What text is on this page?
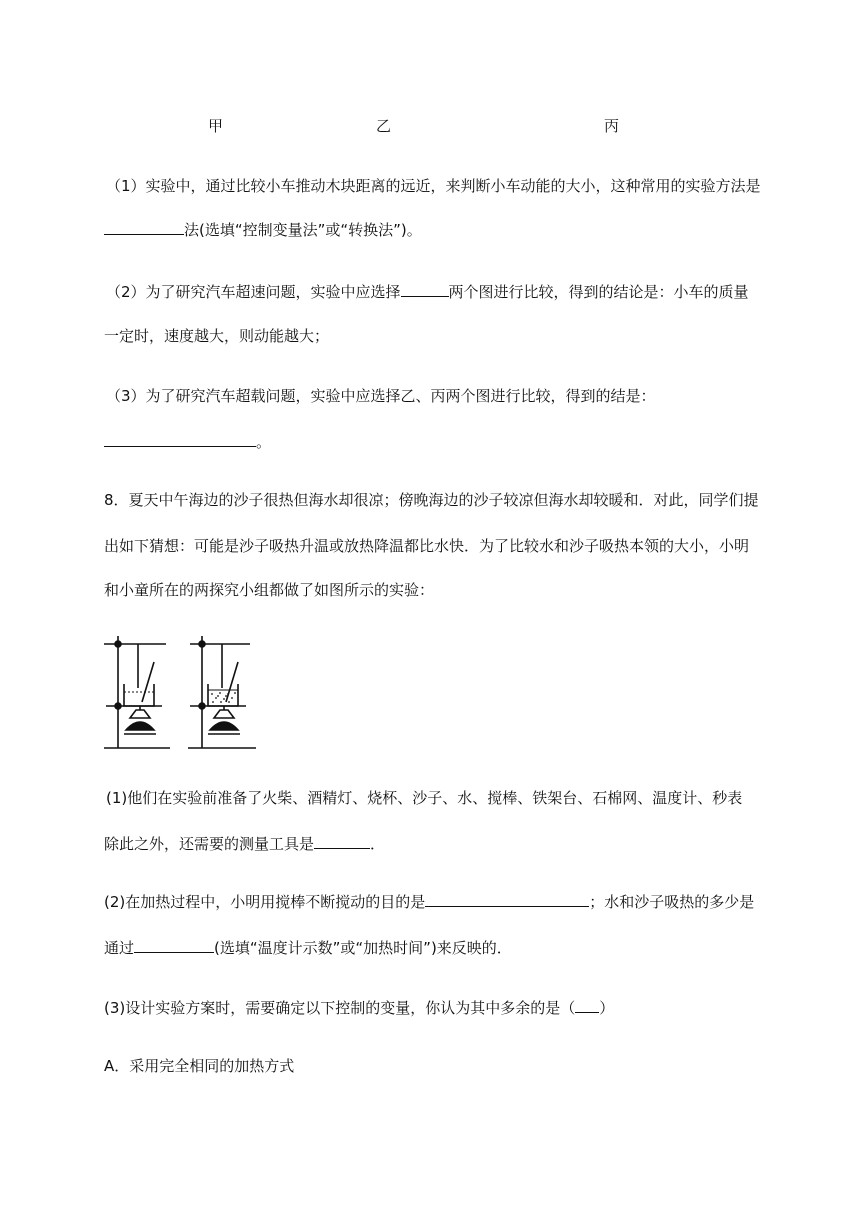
甲	乙	丙
（1）实验中，通过比较小车推动木块距离的远近，来判断小车动能的大小，这种常用的实验方法是
法(选填“控制变量法”或“转换法”)。
（2）为了研究汽车超速问题，实验中应选择	两个图进行比较，得到的结论是：小车的质量
一定时，速度越大，则动能越大；
（3）为了研究汽车超载问题，实验中应选择乙、丙两个图进行比较，得到的结是：
。
8．夏天中午海边的沙子很热但海水却很凉；傍晚海边的沙子较凉但海水却较暖和．对此，同学们提
出如下猜想：可能是沙子吸热升温或放热降温都比水快．为了比较水和沙子吸热本领的大小，小明
和小童所在的两探究小组都做了如图所示的实验：
(1)他们在实验前准备了火柴、酒精灯、烧杯、沙子、水、搅棒、铁架台、石棉网、温度计、秒表
除此之外，还需要的测量工具是	．
(2)在加热过程中，小明用搅棒不断搅动的目的是	；水和沙子吸热的多少是
通过	(选填“温度计示数”或“加热时间”)来反映的．
(3)设计实验方案时，需要确定以下控制的变量，你认为其中多余的是（ ）
A．采用完全相同的加热方式
